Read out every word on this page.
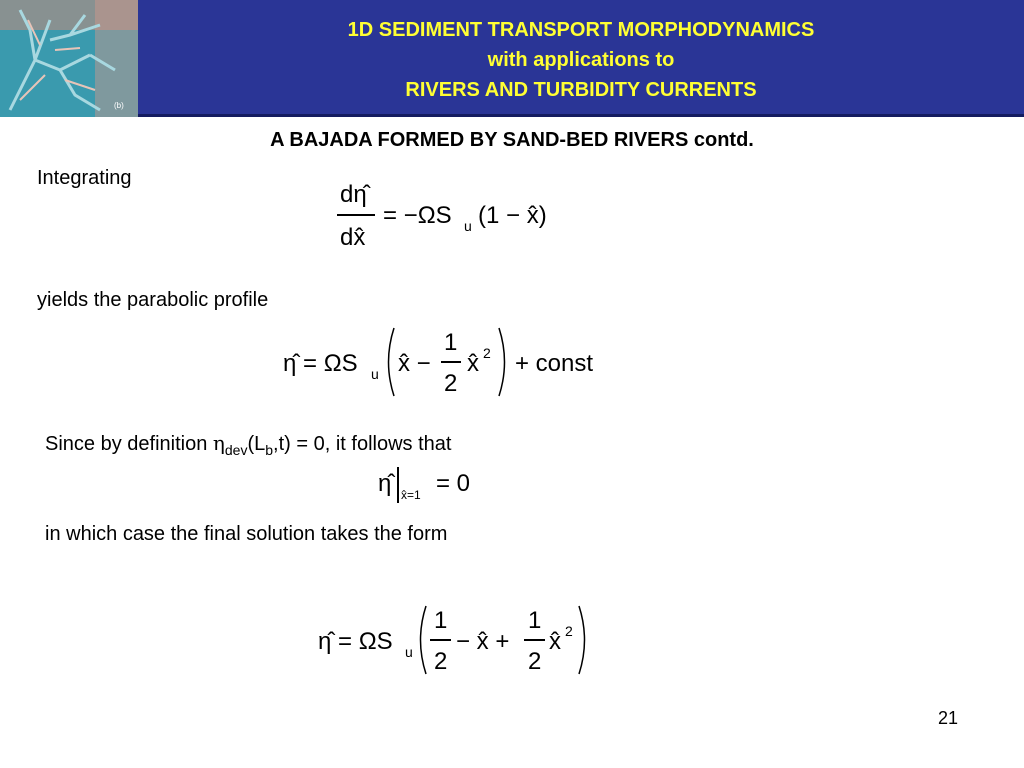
(b)
1D SEDIMENT TRANSPORT MORPHODYNAMICS
with applications to
RIVERS AND TURBIDITY CURRENTS
A BAJADA FORMED BY SAND-BED RIVERS contd.
Integrating
dη̂
dx̂
= −ΩS u (1 − x̂)
yields the parabolic profile
η̂ = ΩS u x̂ −
1
2
x̂ 2 + const
Since by definition $\eta_{dev}(L_b,t) = 0$, it follows that
η̂ x̂=1 = 0
in which case the final solution takes the form
η̂ = ΩS u
1
2
− x̂ +
1
2
x̂ 2
21
